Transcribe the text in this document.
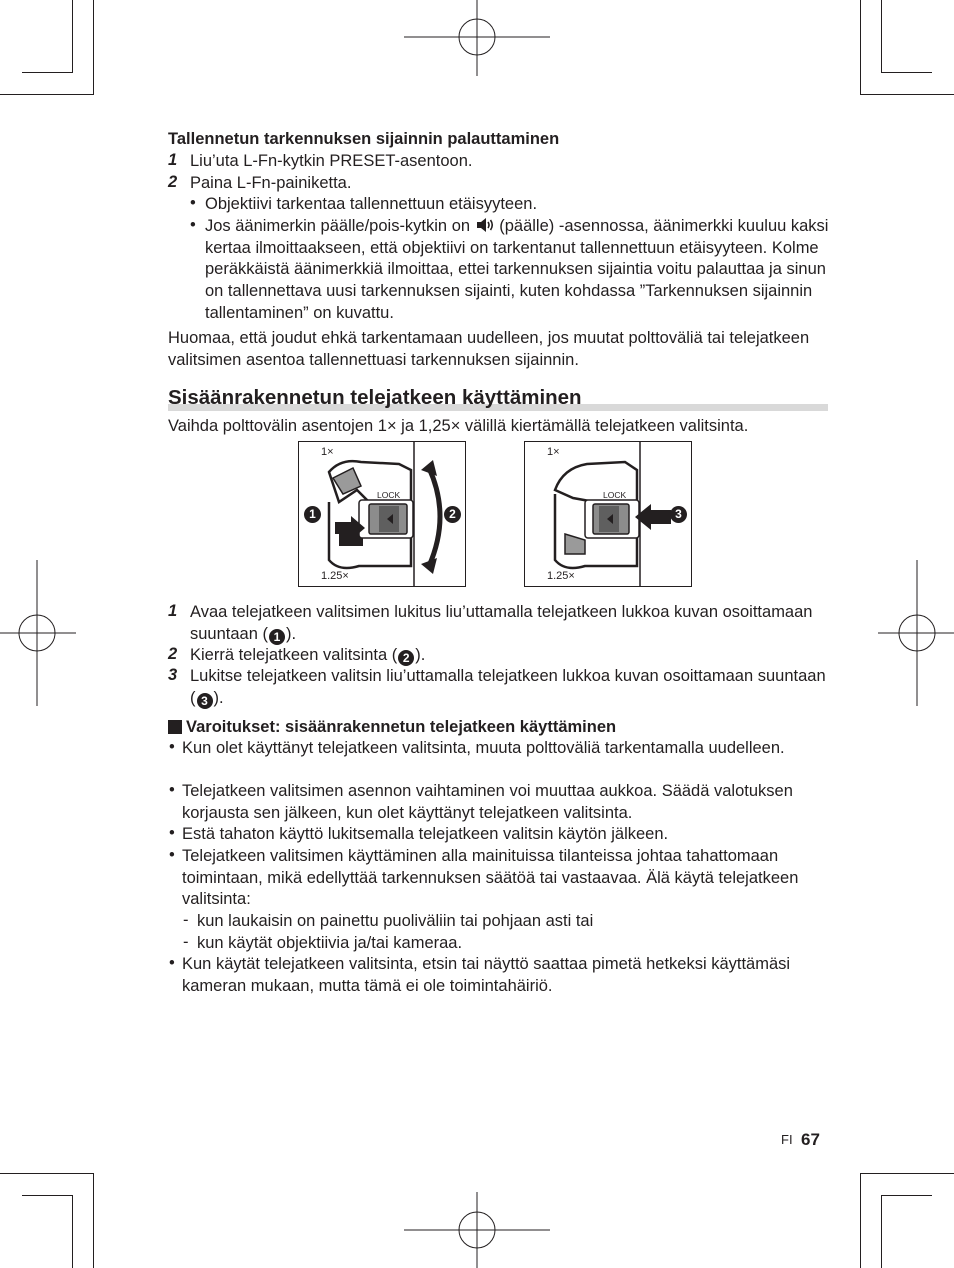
Tallennetun tarkennuksen sijainnin palauttaminen
1 Liu’uta L-Fn-kytkin PRESET-asentoon.
2 Paina L-Fn-painiketta.
• Objektiivi tarkentaa tallennettuun etäisyyteen.
• Jos äänimerkin päälle/pois-kytkin on  (päälle) -asennossa, äänimerkki kuuluu kaksi kertaa ilmoittaakseen, että objektiivi on tarkentanut tallennettuun etäisyyteen. Kolme peräkkäistä äänimerkkiä ilmoittaa, ettei tarkennuksen sijaintia voitu palauttaa ja sinun on tallennettava uusi tarkennuksen sijainti, kuten kohdassa ”Tarkennuksen sijainnin tallentaminen” on kuvattu.
Huomaa, että joudut ehkä tarkentamaan uudelleen, jos muutat polttoväliä tai telejatkeen valitsimen asentoa tallennettuasi tarkennuksen sijainnin.
Sisäänrakennetun telejatkeen käyttäminen
Vaihda polttovälin asentojen 1× ja 1,25× välillä kiertämällä telejatkeen valitsinta.
1×
1.25×
LOCK
1	2
1×
1.25×
LOCK
3
1 Avaa telejatkeen valitsimen lukitus liu’uttamalla telejatkeen lukkoa kuvan osoittamaan suuntaan ( 1 ).
2 Kierrä telejatkeen valitsinta ( 2 ).
3 Lukitse telejatkeen valitsin liu’uttamalla telejatkeen lukkoa kuvan osoittamaan suuntaan ( 3 ).
Varoitukset: sisäänrakennetun telejatkeen käyttäminen
• Kun olet käyttänyt telejatkeen valitsinta, muuta polttoväliä tarkentamalla uudelleen.
• Telejatkeen valitsimen asennon vaihtaminen voi muuttaa aukkoa. Säädä valotuksen korjausta sen jälkeen, kun olet käyttänyt telejatkeen valitsinta.
• Estä tahaton käyttö lukitsemalla telejatkeen valitsin käytön jälkeen.
• Telejatkeen valitsimen käyttäminen alla mainituissa tilanteissa johtaa tahattomaan toimintaan, mikä edellyttää tarkennuksen säätöä tai vastaavaa. Älä käytä telejatkeen valitsinta:
- kun laukaisin on painettu puoliväliin tai pohjaan asti tai
- kun käytät objektiivia ja/tai kameraa.
• Kun käytät telejatkeen valitsinta, etsin tai näyttö saattaa pimetä hetkeksi käyttämäsi kameran mukaan, mutta tämä ei ole toimintahäiriö.
FI 67
